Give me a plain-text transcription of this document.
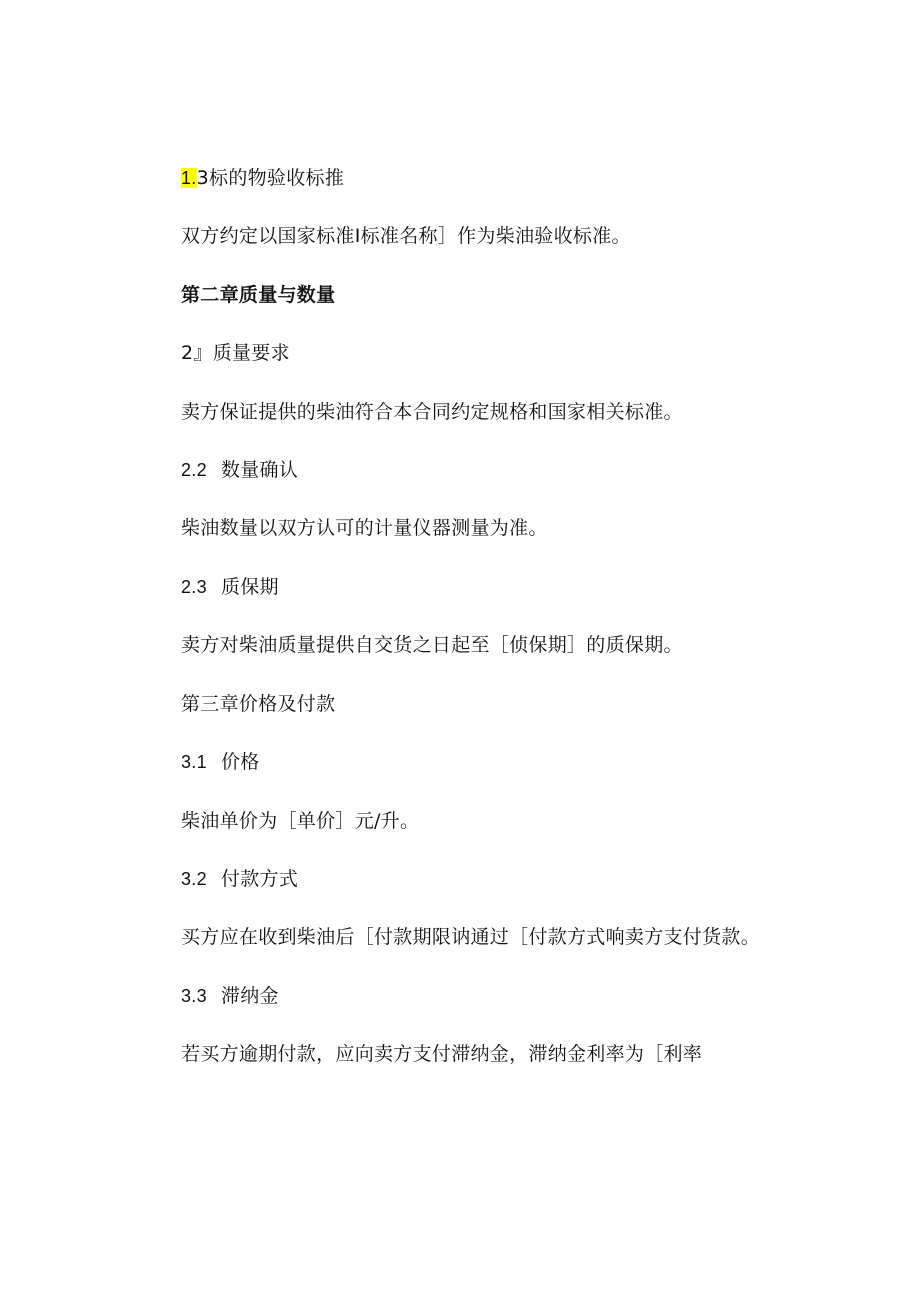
1.3标的物验收标推
双方约定以国家标准I标准名称］作为柴油验收标准。
第二章质量与数量
2』质量要求
卖方保证提供的柴油符合本合同约定规格和国家相关标准。
2.2 数量确认
柴油数量以双方认可的计量仪器测量为准。
2.3 质保期
卖方对柴油质量提供自交货之日起至［侦保期］的质保期。
第三章价格及付款
3.1 价格
柴油单价为［单价］元/升。
3.2 付款方式
买方应在收到柴油后［付款期限讷通过［付款方式响卖方支付货款。
3.3 滞纳金
若买方逾期付款，应向卖方支付滞纳金，滞纳金利率为［利率
